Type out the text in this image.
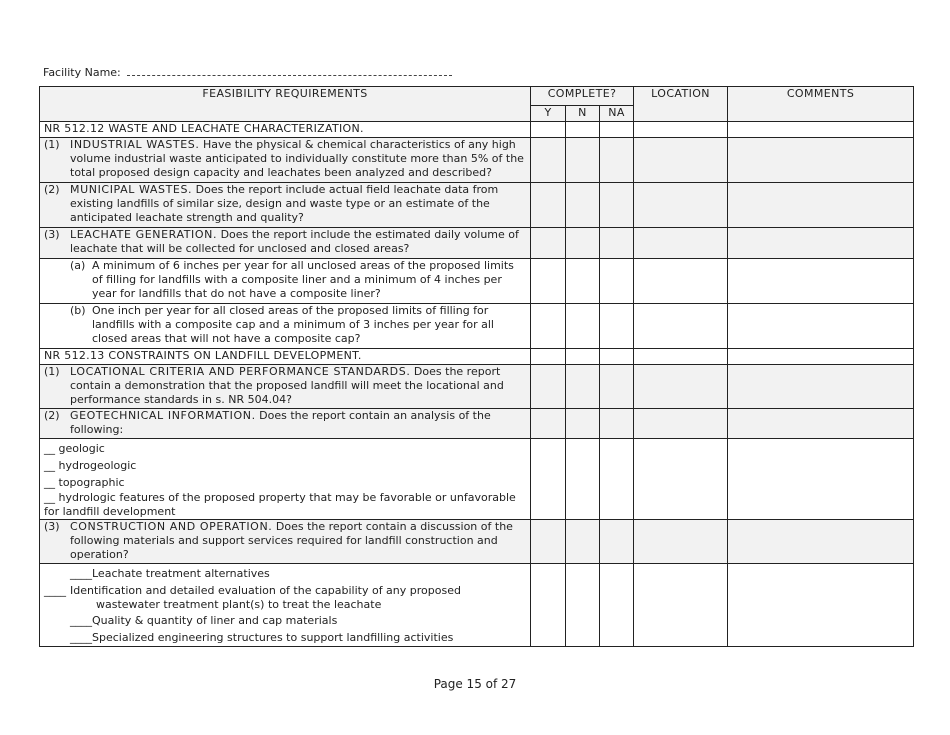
Facility Name:
FEASIBILITY REQUIREMENTS	COMPLETE?			LOCATION	COMMENTS
	Y	N	NA		
NR 512.12 WASTE AND LEACHATE CHARACTERIZATION.					

(1) INDUSTRIAL WASTES. Have the physical & chemical characteristics of any high volume industrial waste anticipated to individually constitute more than 5% of the total proposed design capacity and leachates been analyzed and described?					

(2) MUNICIPAL WASTES. Does the report include actual field leachate data from existing landfills of similar size, design and waste type or an estimate of the anticipated leachate strength and quality?					

(3) LEACHATE GENERATION. Does the report include the estimated daily volume of leachate that will be collected for unclosed and closed areas?					

(a) A minimum of 6 inches per year for all unclosed areas of the proposed limits of filling for landfills with a composite liner and a minimum of 4 inches per year for landfills that do not have a composite liner?					

(b) One inch per year for all closed areas of the proposed limits of filling for landfills with a composite cap and a minimum of 3 inches per year for all closed areas that will not have a composite cap?					

NR 512.13 CONSTRAINTS ON LANDFILL DEVELOPMENT.					

(1) LOCATIONAL CRITERIA AND PERFORMANCE STANDARDS. Does the report contain a demonstration that the proposed landfill will meet the locational and performance standards in s. NR 504.04?					

(2) GEOTECHNICAL INFORMATION. Does the report contain an analysis of the following:					

__ geologic
__ hydrogeologic
__ topographic
__ hydrologic features of the proposed property that may be favorable or unfavorable for landfill development					

(3) CONSTRUCTION AND OPERATION. Does the report contain a discussion of the following materials and support services required for landfill construction and operation?					

____Leachate treatment alternatives
____ Identification and detailed evaluation of the capability of any proposed wastewater treatment plant(s) to treat the leachate
____Quality & quantity of liner and cap materials
____Specialized engineering structures to support landfilling activities					

Page 15 of 27
